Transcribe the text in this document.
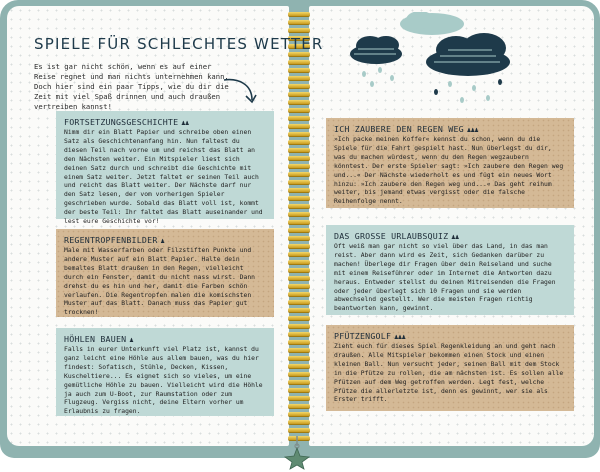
SPIELE FÜR SCHLECHTES WETTER
Es ist gar nicht schön, wenn es auf einer Reise regnet und man nichts unternehmen kann. Doch hier sind ein paar Tipps, wie du dir die Zeit mit viel Spaß drinnen und auch draußen vertreiben kannst!
FORTSETZUNGSGESCHICHTE ♟♟

Nimm dir ein Blatt Papier und schreibe oben einen Satz als Geschichtenanfang hin. Nun faltest du diesen Teil nach vorne um und reichst das Blatt an den Nächsten weiter. Ein Mitspieler liest sich deinen Satz durch und schreibt die Geschichte mit einem Satz weiter. Jetzt faltet er seinen Teil auch und reicht das Blatt weiter. Der Nächste darf nur den Satz lesen, der vom vorherigen Spieler geschrieben wurde. Sobald das Blatt voll ist, kommt der beste Teil: Ihr faltet das Blatt auseinander und lest eure Geschichte vor!

REGENTROPFENBILDER ♟

Male mit Wasserfarben oder Filzstiften Punkte und andere Muster auf ein Blatt Papier. Halte dein bemaltes Blatt draußen in den Regen, vielleicht durch ein Fenster, damit du nicht nass wirst. Dann drehst du es hin und her, damit die Farben schön verlaufen. Die Regentropfen malen die komischsten Muster auf das Blatt. Danach muss das Papier gut trocknen!

HÖHLEN BAUEN ♟

Falls in eurer Unterkunft viel Platz ist, kannst du ganz leicht eine Höhle aus allem bauen, was du hier findest: Sofatisch, Stühle, Decken, Kissen, Kuscheltiere... Es eignet sich so vieles, um eine gemütliche Höhle zu bauen. Vielleicht wird die Höhle ja auch zum U-Boot, zur Raumstation oder zum Flugzeug. Vergiss nicht, deine Eltern vorher um Erlaubnis zu fragen.

ICH ZAUBERE DEN REGEN WEG ♟♟♟

»Ich packe meinen Koffer« kennst du schon, wenn du die Spiele für die Fahrt gespielt hast. Nun überlegst du dir, was du machen würdest, wenn du den Regen wegzaubern könntest. Der erste Spieler sagt: »Ich zaubere den Regen weg und...« Der Nächste wiederholt es und fügt ein neues Wort hinzu: »Ich zaubere den Regen weg und...« Das geht reihum weiter, bis jemand etwas vergisst oder die falsche Reihenfolge nennt.

DAS GROSSE URLAUBSQUIZ ♟♟

Oft weiß man gar nicht so viel über das Land, in das man reist. Aber dann wird es Zeit, sich Gedanken darüber zu machen! Überlege dir Fragen über dein Reiseland und suche mit einem Reiseführer oder im Internet die Antworten dazu heraus. Entweder stellst du deinen Mitreisenden die Fragen oder jeder überlegt sich 10 Fragen und sie werden abwechselnd gestellt. Wer die meisten Fragen richtig beantworten kann, gewinnt.

PFÜTZENGOLF ♟♟♟

Zieht euch für dieses Spiel Regenkleidung an und geht nach draußen. Alle Mitspieler bekommen einen Stock und einen kleinen Ball. Nun versucht jeder, seinen Ball mit dem Stock in die Pfütze zu rollen, die am nächsten ist. Es sollen alle Pfützen auf dem Weg getroffen werden. Legt fest, welche Pfütze die allerletzte ist, denn es gewinnt, wer sie als Erster trifft.
